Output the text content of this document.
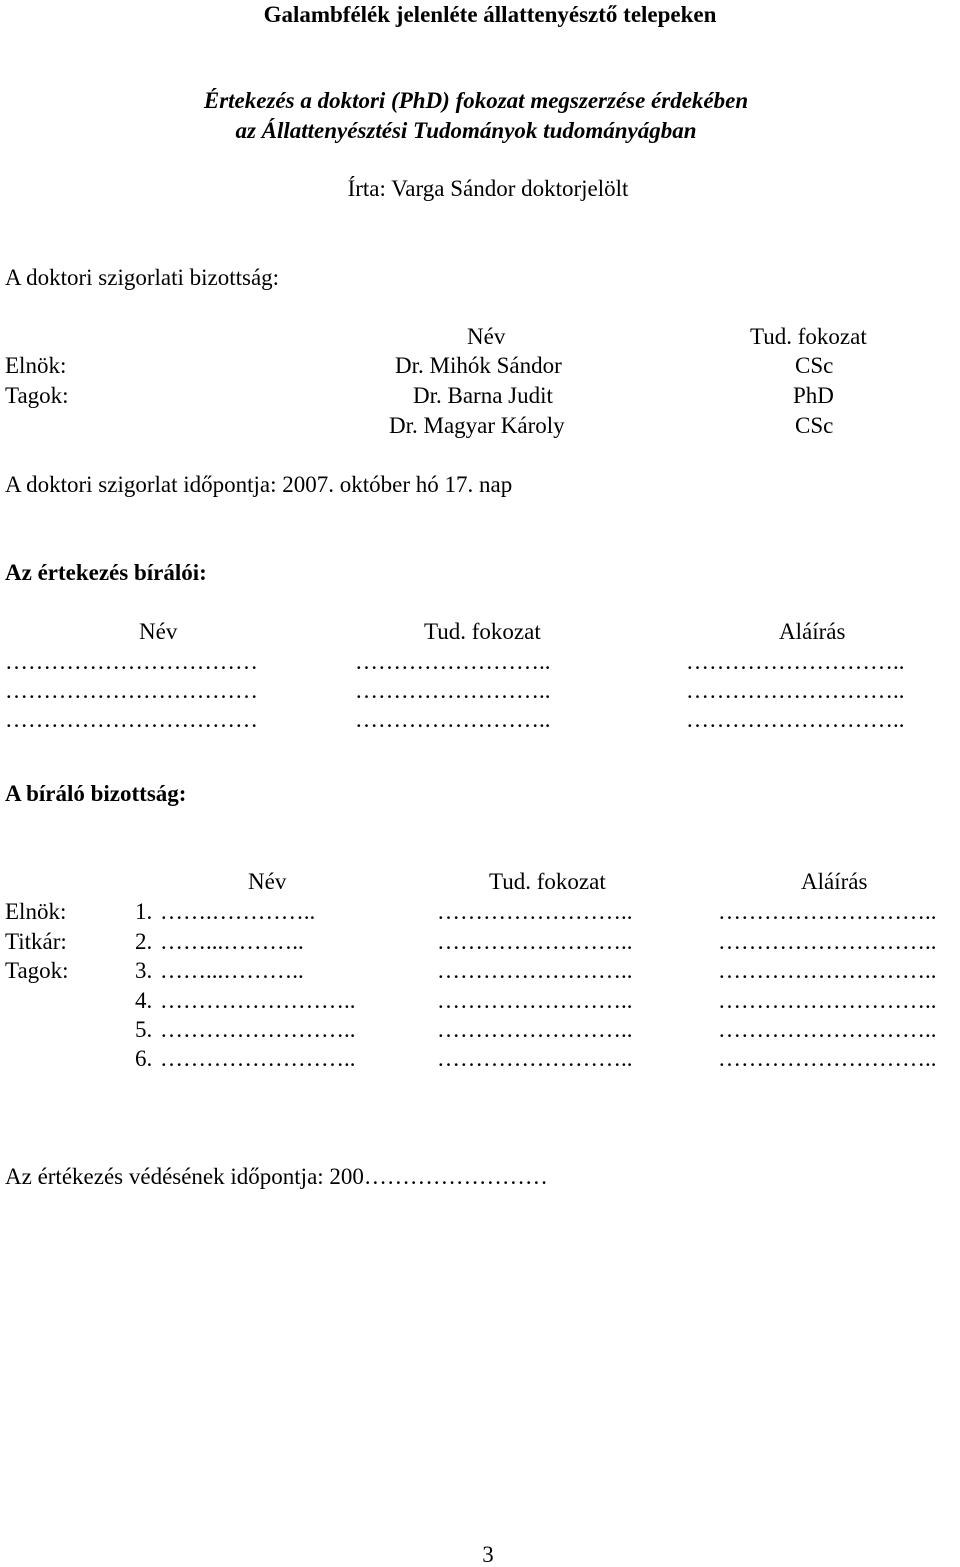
Galambfélék jelenléte állattenyésztő telepeken
Értekezés a doktori (PhD) fokozat megszerzése érdekében
az Állattenyésztési Tudományok tudományágban
Írta: Varga Sándor doktorjelölt
A doktori szigorlati bizottság:
Név	Tud. fokozat
Elnök:	Dr. Mihók Sándor	CSc
Tagok:	Dr. Barna Judit	PhD
Dr. Magyar Károly	CSc
A doktori szigorlat időpontja: 2007. október hó 17. nap
Az értekezés bírálói:
Név	Tud. fokozat	Aláírás
……………………………	……………………..	………………………..
……………………………	……………………..	………………………..
……………………………	……………………..	………………………..
A bíráló bizottság:
Név	Tud. fokozat	Aláírás
Elnök:	1. …….…………..	……………………..	………………………..
Titkár:	2. ……...………..	……………………..	………………………..
Tagok:	3. ……...………..	……………………..	………………………..
4. ……………………..	……………………..	………………………..
5. ……………………..	……………………..	………………………..
6. ……………………..	……………………..	………………………..
Az értékezés védésének időpontja: 200……………………
3
